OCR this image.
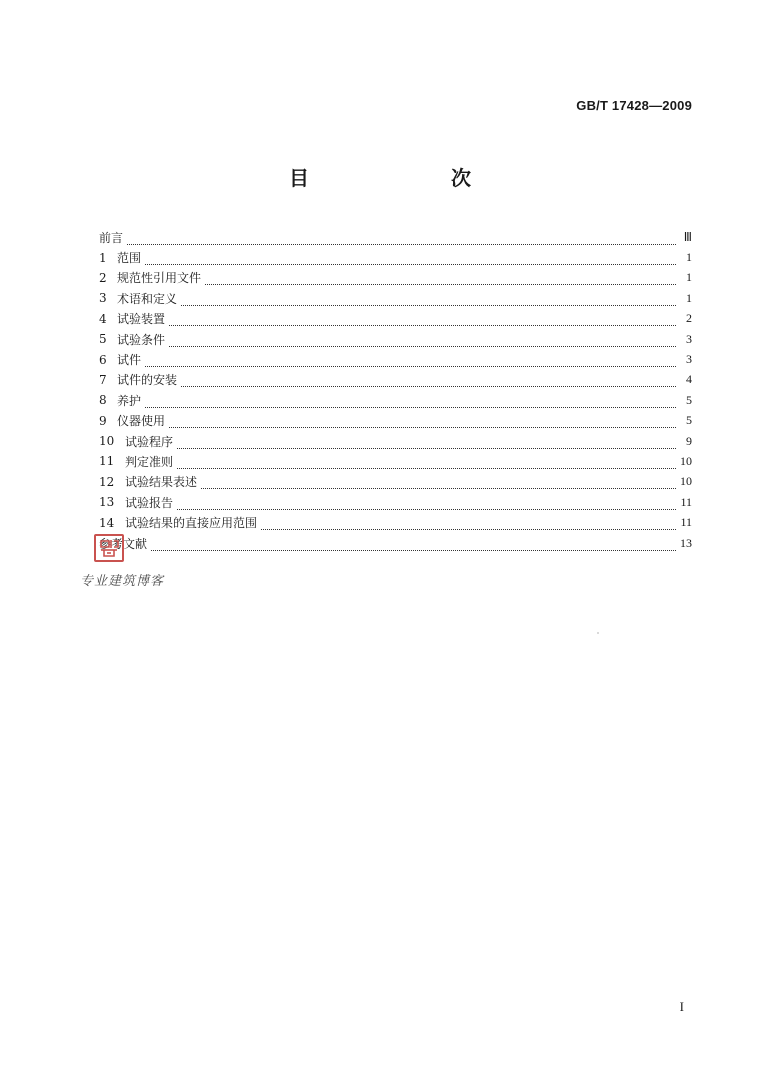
GB/T 17428—2009
目　　次
前言	Ⅲ
1 范围	1
2 规范性引用文件	1
3 术语和定义	1
4 试验装置	2
5 试验条件	3
6 试件	3
7 试件的安装	4
8 养护	5
9 仪器使用	5
10 试验程序	9
11 判定准则	10
12 试验结果表述	10
13 试验报告	11
14 试验结果的直接应用范围	11
参考文献	13
专业建筑博客
I
